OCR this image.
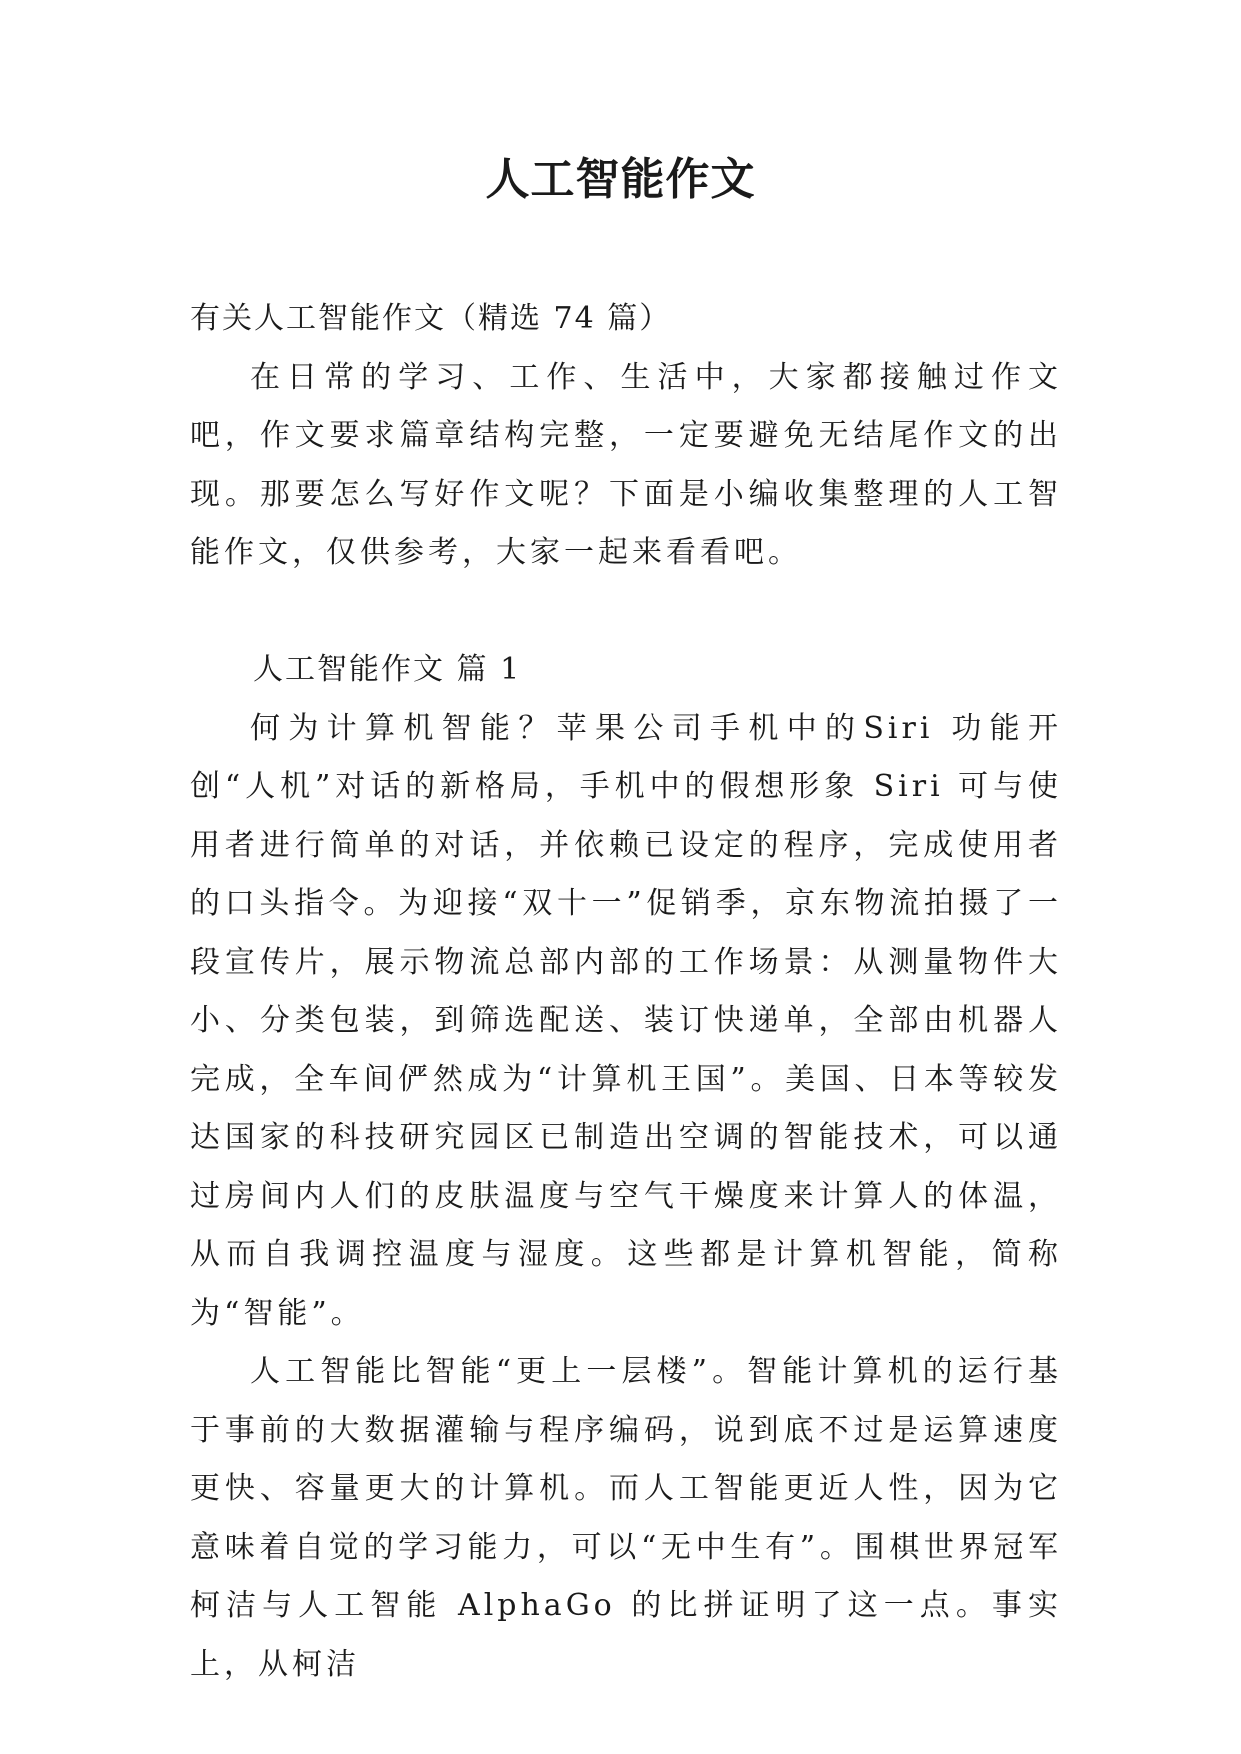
人工智能作文

有关人工智能作文（精选 74 篇）

在日常的学习、工作、生活中，大家都接触过作文吧，作文要求篇章结构完整，一定要避免无结尾作文的出现。那要怎么写好作文呢？下面是小编收集整理的人工智能作文，仅供参考，大家一起来看看吧。

人工智能作文 篇 1

何为计算机智能？苹果公司手机中的Siri 功能开创“人机”对话的新格局，手机中的假想形象 Siri 可与使用者进行简单的对话，并依赖已设定的程序，完成使用者的口头指令。为迎接“双十一”促销季，京东物流拍摄了一段宣传片，展示物流总部内部的工作场景：从测量物件大小、分类包装，到筛选配送、装订快递单，全部由机器人完成，全车间俨然成为“计算机王国”。美国、日本等较发达国家的科技研究园区已制造出空调的智能技术，可以通过房间内人们的皮肤温度与空气干燥度来计算人的体温，从而自我调控温度与湿度。这些都是计算机智能，简称为“智能”。

人工智能比智能“更上一层楼”。智能计算机的运行基于事前的大数据灌输与程序编码，说到底不过是运算速度更快、容量更大的计算机。而人工智能更近人性，因为它意味着自觉的学习能力，可以“无中生有”。围棋世界冠军柯洁与人工智能 AlphaGo 的比拼证明了这一点。事实上，从柯洁
